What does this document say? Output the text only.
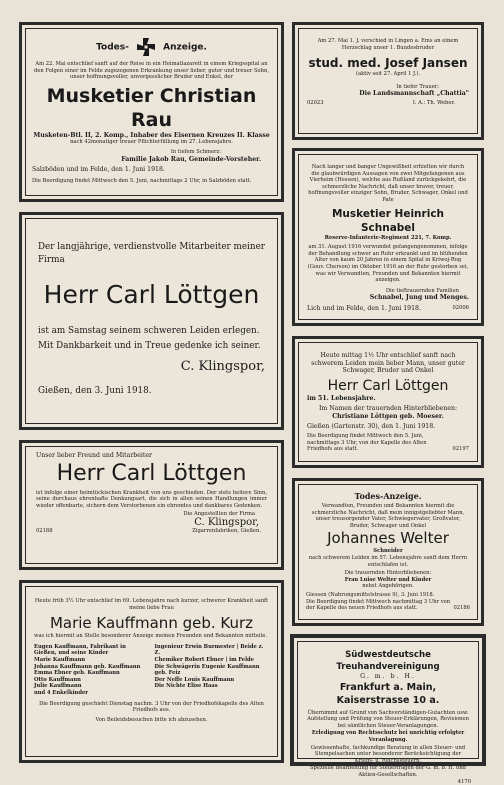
Todes-	Anzeige.

Am 22. Mai entschlief sanft auf der Reise in ein Heimatlazarett in einem Kriegsspital an den Folgen einer im Felde zugezogenen Erkrankung unser lieber, guter und treuer Sohn, unser hoffnungsvoller, unvergesslicher Bruder und Enkel, der

Musketier Christian Rau

Musketen-Btl. II, 2. Komp., Inhaber des Eisernen Kreuzes II. Klasse

nach 42monatiger treuer Pflichterfüllung im 27. Lebensjahre.

In tiefem Schmerz:

Familie Jakob Rau, Gemeinde-Vorsteher.

Salzböden und im Felde, den 1. Juni 1918.

Die Beerdigung findet Mittwoch den 5. Juni, nachmittags 2 Uhr, in Salzböden statt.

Der langjährige, verdienstvolle Mitarbeiter meiner Firma

Herr Carl Löttgen

ist am Samstag seinem schweren Leiden erlegen.

Mit Dankbarkeit und in Treue gedenke ich seiner.

C. Klingspor,

Gießen, den 3. Juni 1918.

Unser lieber Freund und Mitarbeiter

Herr Carl Löttgen

ist infolge einer heimtückischen Krankheit von uns geschieden. Der stets heitere Sinn, seine durchaus ehrenhafte Denkungsart, die sich in allen seinen Handlungen immer wieder offenbarte, sichern dem Verstorbenen ein ehrendes und dankbares Gedenken.

Die Angestellten der Firma

02188

C. Klingspor,

Zigarrenfabriken, Gießen.

Heute früh 3½ Uhr entschlief im 69. Lebensjahre nach kurzer, schwerer Krankheit sanft meine liebe Frau

Marie Kauffmann geb. Kurz

was ich hiermit an Stelle besonderer Anzeige meinen Freunden und Bekannten mitteile.

Eugen Kauffmann, Fabrikant in Gießen, und seine Kinder
Marie Kauffmann
Johanna Kauffmann geb. Kauffmann
Emma Ebner geb. Kauffmann
Otto Kauffmann
Julie Kauffmann
und 4 Enkelkinder

Ingenieur Erwin Burmester | Beide z. Z.
Chemiker Robert Ebner | im Felde
Die Schwägerin Eugenie Kauffmann geb. Feiz
Der Neffe Louis Kauffmann
Die Nichte Elise Haas

Die Beerdigung geschieht Dienstag nachm. 3 Uhr von der Friedhofskapelle des Alten Friedhofs aus.

Von Beileidsbesuchen bitte ich abzusehen.

Am 27. Mai 1. J. verschied in Lingen a. Ems an einem Herzschlag unser 1. Bundesbruder

stud. med. Josef Jansen

(aktiv seit 27. April 1 J.).

In tiefer Trauer:

Die Landsmannschaft „Chattia"

02023	I. A.: Th. Weber.

Nach langer und banger Ungewißheit erhielten wir durch die glaubwürdigen Aussagen von zwei Mitgefangenen aus Vierheim (Hessen), welche aus Rußland zurückgekehrt, die schmerzliche Nachricht, daß unser braver, treuer, hoffnungsvoller einziger Sohn, Bruder, Schwager, Onkel und Pate

Musketier Heinrich Schnabel

Reserve-Infanterie-Regiment 221, 7. Komp.

am 31. August 1916 verwundet gefangengenommen, infolge der Behandlung schwer an Ruhr erkrankt und im blühenden Alter von kaum 20 Jahren in einem Spital in Kriwoj-Rog (Gouv. Cherson) im Oktober 1916 an der Ruhr gestorben sei, was wir Verwandten, Freunden und Bekannten hiermit anzeigen.

Die tieftrauernden Familien

Schnabel, Jung und Menges.

Lich und im Felde, den 1. Juni 1918.	02006

Heute mittag 1½ Uhr entschlief sanft nach schwerem Leiden mein lieber Mann, unser guter Schwager, Bruder und Onkel

Herr Carl Löttgen

im 51. Lebensjahre.

Im Namen der trauernden Hinterbliebenen:

Christiane Löttgen geb. Moeser.

Gießen (Gartenstr. 30), den 1. Juni 1918.

Die Beerdigung findet Mittwoch den 5. Juni, nachmittags 3 Uhr, von der Kapelle des Alten Friedhofs aus statt.	02197

Todes-Anzeige.

Verwandten, Freunden und Bekannten hiermit die schmerzliche Nachricht, daß mein innigstgeliebter Mann, unser treusorgender Vater, Schwiegervater, Großvater, Bruder, Schwager und Onkel

Johannes Welter

Schneider

nach schwerem Leiden im 57. Lebensjahre sanft dem Herrn entschlafen ist.

Die trauernden Hinterbliebenen:

Frau Luise Welter und Kinder

nebst Angehörigen.

Giessen (Nahrungsmittelstrasse 9), 3. Juni 1918.

Die Beerdigung findet Mittwoch nachmittag 3 Uhr von der Kapelle des neuen Friedhofs aus statt.	02186

Südwestdeutsche Treuhandvereinigung

G. m. b. H.

Frankfurt a. Main, Kaiserstrasse 10 a.

Übernimmt auf Grund von Sachverständigen-Gutachten usw. Aufstellung und Prüfung von Steuer-Erklärungen, Revisionen bei sämtlichen Steuer-Veranlagungen.

Erledigung von Rechtsschutz bei unrichtig erfolgter Veranlagung.

Gewissenhafte, fachkundige Beratung in allen Steuer- und Stempelsachen unter besonderer Berücksichtigung der Kriegs- u. Reichssteuern.

Spezielle Bearbeitung für Steuerfragen der G. m. b. H. und Aktien-Gesellschaften.

4170
